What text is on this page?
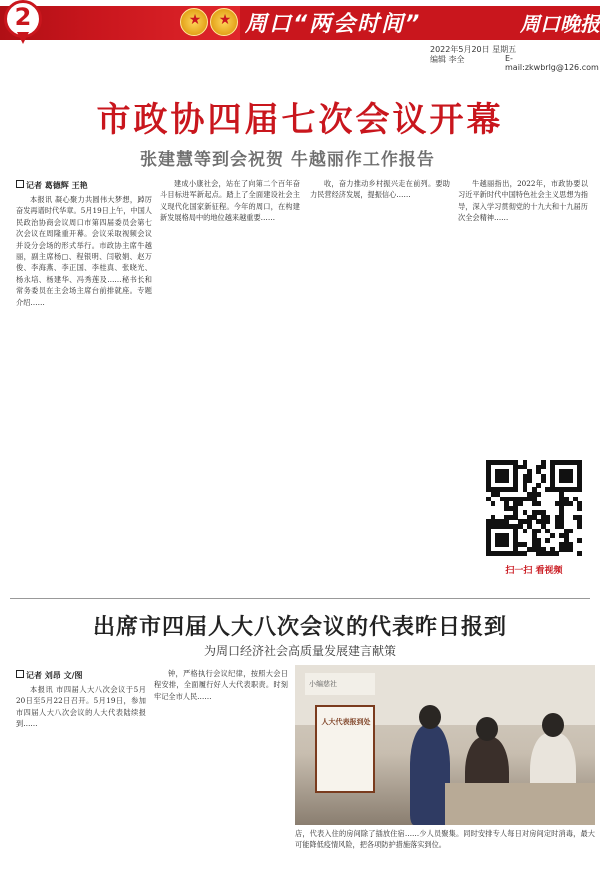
2 ★ ★	周口“两会时间”	周口晚报
2022年5月20日 星期五
编辑 李全	E-mail:zkwbrlg@126.com
市政协四届七次会议开幕
张建慧等到会祝贺 牛越丽作工作报告
记者 葛德辉 王艳

本报讯 凝心聚力共圆伟大梦想，踔厉奋发再谱时代华章。5月19日上午，中国人民政治协商会议周口市第四届委员会第七次会议在周隆重开幕。会议采取视频会议并设分会场的形式举行。市政协主席牛越丽，副主席杨□、程银明、闫敬娟、赵万俊、李海燕、李正国、李桂真、张晓光、杨永培、杨建华、冯秀莲及……秘书长和常务委员在主会场主席台前排就座。专题介绍……

建成小康社会，站在了向第二个百年奋斗目标进军新起点。踏上了全面建设社会主义现代化国家新征程。今年的周口，在构建新发展格局中的地位越来越重要……

收，奋力推动乡村振兴走在前列。要助力民营经济发展，提振信心……

牛越丽指出，2022年，市政协要以习近平新时代中国特色社会主义思想为指导，深入学习贯彻党的十九大和十九届历次全会精神……

扫一扫 看视频
出席市四届人大八次会议的代表昨日报到
为周口经济社会高质量发展建言献策
记者 刘昂 文/图

本报讯 市四届人大八次会议于5月20日至5月22日召开。5月19日，参加市四届人大八次会议的人大代表陆续报到……

钟，严格执行会议纪律，按照大会日程安排，全面履行好人大代表职责。时刻牢记全市人民……

小编慈社
人大代表报到处
店，代表入住的房间除了插放住宿……少人员聚集。同时安排专人每日对房间定时消毒，最大可能降低疫情风险，把各项防护措施落实到位。
